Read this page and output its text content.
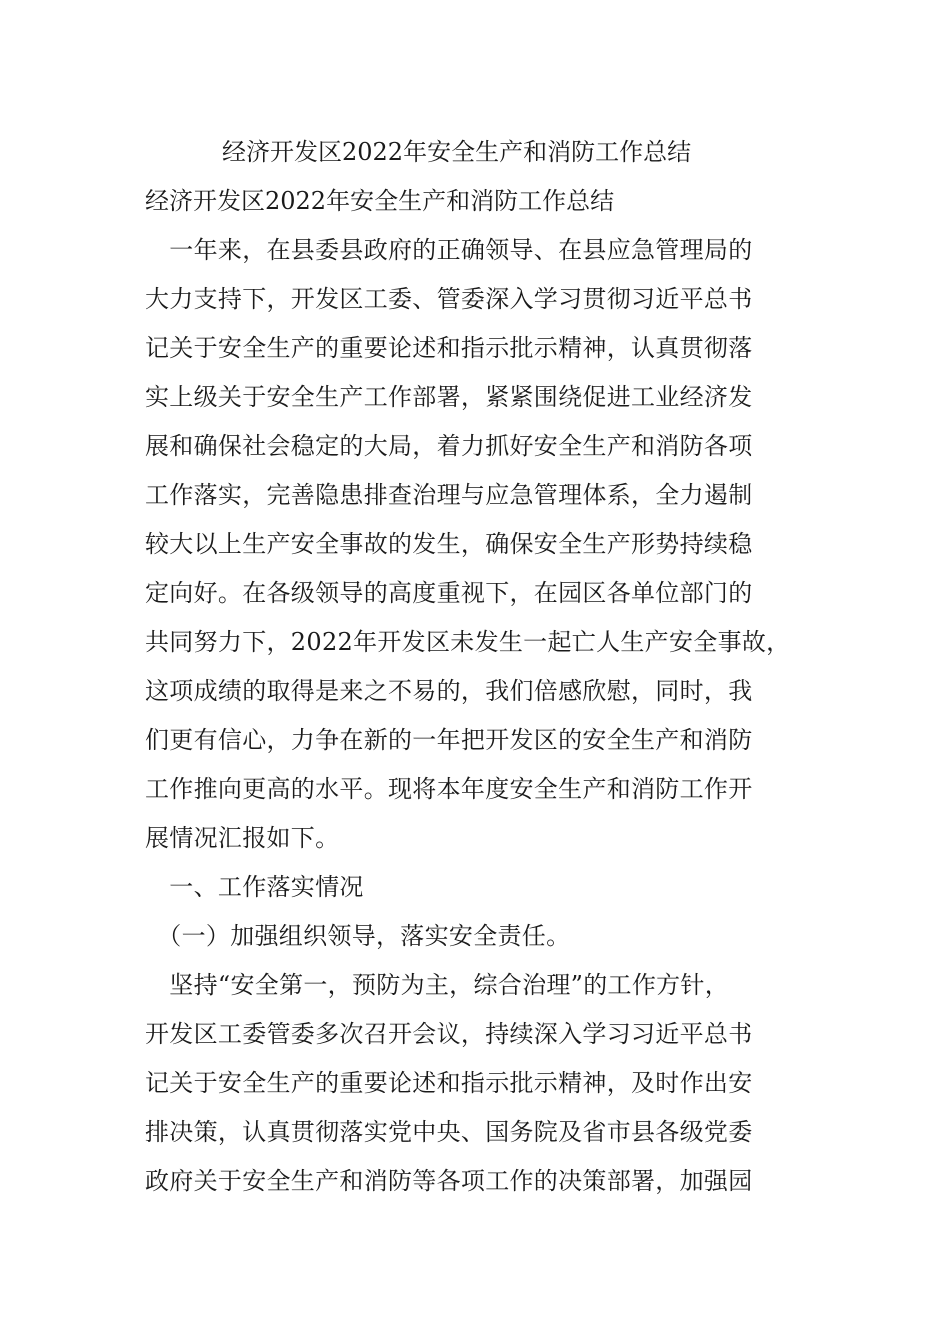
经济开发区2022年安全生产和消防工作总结
经济开发区2022年安全生产和消防工作总结
　一年来，在县委县政府的正确领导、在县应急管理局的
大力支持下，开发区工委、管委深入学习贯彻习近平总书
记关于安全生产的重要论述和指示批示精神，认真贯彻落
实上级关于安全生产工作部署，紧紧围绕促进工业经济发
展和确保社会稳定的大局，着力抓好安全生产和消防各项
工作落实，完善隐患排查治理与应急管理体系，全力遏制
较大以上生产安全事故的发生，确保安全生产形势持续稳
定向好。在各级领导的高度重视下，在园区各单位部门的
共同努力下，2022年开发区未发生一起亡人生产安全事故，
这项成绩的取得是来之不易的，我们倍感欣慰，同时，我
们更有信心，力争在新的一年把开发区的安全生产和消防
工作推向更高的水平。现将本年度安全生产和消防工作开
展情况汇报如下。
　一、工作落实情况
　（一）加强组织领导，落实安全责任。
　坚持“安全第一，预防为主，综合治理”的工作方针，
开发区工委管委多次召开会议，持续深入学习习近平总书
记关于安全生产的重要论述和指示批示精神，及时作出安
排决策，认真贯彻落实党中央、国务院及省市县各级党委
政府关于安全生产和消防等各项工作的决策部署，加强园
